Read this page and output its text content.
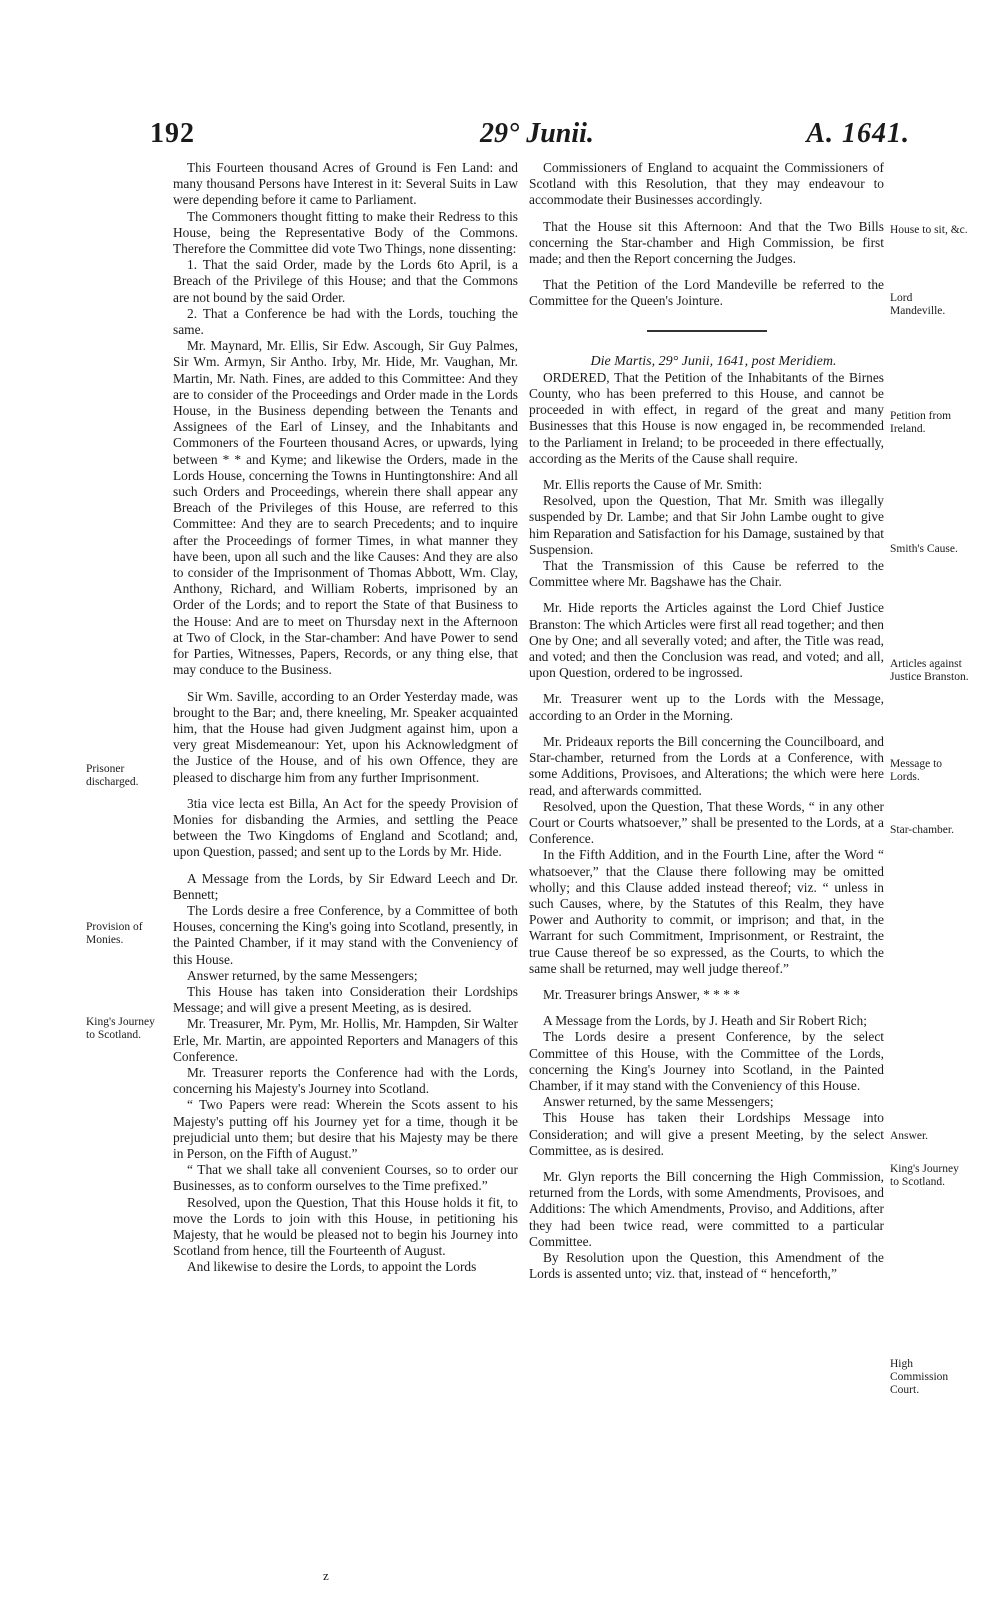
192	29° Junii.	A. 1641.

This Fourteen thousand Acres of Ground is Fen Land: and many thousand Persons have Interest in it: Several Suits in Law were depending before it came to Parliament.

The Commoners thought fitting to make their Redress to this House, being the Representative Body of the Commons. Therefore the Committee did vote Two Things, none dissenting:

1. That the said Order, made by the Lords 6to April, is a Breach of the Privilege of this House; and that the Commons are not bound by the said Order.

2. That a Conference be had with the Lords, touching the same.

Mr. Maynard, Mr. Ellis, Sir Edw. Ascough, Sir Guy Palmes, Sir Wm. Armyn, Sir Antho. Irby, Mr. Hide, Mr. Vaughan, Mr. Martin, Mr. Nath. Fines, are added to this Committee: And they are to consider of the Proceedings and Order made in the Lords House, in the Business depending between the Tenants and Assignees of the Earl of Linsey, and the Inhabitants and Commoners of the Fourteen thousand Acres, or upwards, lying between * * and Kyme; and likewise the Orders, made in the Lords House, concerning the Towns in Huntingtonshire: And all such Orders and Proceedings, wherein there shall appear any Breach of the Privileges of this House, are referred to this Committee: And they are to search Precedents; and to inquire after the Proceedings of former Times, in what manner they have been, upon all such and the like Causes: And they are also to consider of the Imprisonment of Thomas Abbott, Wm. Clay, Anthony, Richard, and William Roberts, imprisoned by an Order of the Lords; and to report the State of that Business to the House: And are to meet on Thursday next in the Afternoon at Two of Clock, in the Star-chamber: And have Power to send for Parties, Witnesses, Papers, Records, or any thing else, that may conduce to the Business.

Sir Wm. Saville, according to an Order Yesterday made, was brought to the Bar; and, there kneeling, Mr. Speaker acquainted him, that the House had given Judgment against him, upon a very great Misdemeanour: Yet, upon his Acknowledgment of the Justice of the House, and of his own Offence, they are pleased to discharge him from any further Imprisonment.

3tia vice lecta est Billa, An Act for the speedy Provision of Monies for disbanding the Armies, and settling the Peace between the Two Kingdoms of England and Scotland; and, upon Question, passed; and sent up to the Lords by Mr. Hide.

A Message from the Lords, by Sir Edward Leech and Dr. Bennett;

The Lords desire a free Conference, by a Committee of both Houses, concerning the King's going into Scotland, presently, in the Painted Chamber, if it may stand with the Conveniency of this House.

Answer returned, by the same Messengers;

This House has taken into Consideration their Lordships Message; and will give a present Meeting, as is desired.

Mr. Treasurer, Mr. Pym, Mr. Hollis, Mr. Hampden, Sir Walter Erle, Mr. Martin, are appointed Reporters and Managers of this Conference.

Mr. Treasurer reports the Conference had with the Lords, concerning his Majesty's Journey into Scotland.

“ Two Papers were read: Wherein the Scots assent to his Majesty's putting off his Journey yet for a time, though it be prejudicial unto them; but desire that his Majesty may be there in Person, on the Fifth of August.”

“ That we shall take all convenient Courses, so to order our Businesses, as to conform ourselves to the Time prefixed.”

Resolved, upon the Question, That this House holds it fit, to move the Lords to join with this House, in petitioning his Majesty, that he would be pleased not to begin his Journey into Scotland from hence, till the Fourteenth of August.

And likewise to desire the Lords, to appoint the Lords

Commissioners of England to acquaint the Commissioners of Scotland with this Resolution, that they may endeavour to accommodate their Businesses accordingly.

That the House sit this Afternoon: And that the Two Bills concerning the Star-chamber and High Commission, be first made; and then the Report concerning the Judges.

That the Petition of the Lord Mandeville be referred to the Committee for the Queen's Jointure.

Die Martis, 29° Junii, 1641, post Meridiem.

ORDERED, That the Petition of the Inhabitants of the Birnes County, who has been preferred to this House, and cannot be proceeded in with effect, in regard of the great and many Businesses that this House is now engaged in, be recommended to the Parliament in Ireland; to be proceeded in there effectually, according as the Merits of the Cause shall require.

Mr. Ellis reports the Cause of Mr. Smith:

Resolved, upon the Question, That Mr. Smith was illegally suspended by Dr. Lambe; and that Sir John Lambe ought to give him Reparation and Satisfaction for his Damage, sustained by that Suspension.

That the Transmission of this Cause be referred to the Committee where Mr. Bagshawe has the Chair.

Mr. Hide reports the Articles against the Lord Chief Justice Branston: The which Articles were first all read together; and then One by One; and all severally voted; and after, the Title was read, and voted; and then the Conclusion was read, and voted; and all, upon Question, ordered to be ingrossed.

Mr. Treasurer went up to the Lords with the Message, according to an Order in the Morning.

Mr. Prideaux reports the Bill concerning the Councilboard, and Star-chamber, returned from the Lords at a Conference, with some Additions, Provisoes, and Alterations; the which were here read, and afterwards committed.

Resolved, upon the Question, That these Words, “ in any other Court or Courts whatsoever,” shall be presented to the Lords, at a Conference.

In the Fifth Addition, and in the Fourth Line, after the Word “ whatsoever,” that the Clause there following may be omitted wholly; and this Clause added instead thereof; viz. “ unless in such Causes, where, by the Statutes of this Realm, they have Power and Authority to commit, or imprison; and that, in the Warrant for such Commitment, Imprisonment, or Restraint, the true Cause thereof be so expressed, as the Courts, to which the same shall be returned, may well judge thereof.”

Mr. Treasurer brings Answer, * * * *

A Message from the Lords, by J. Heath and Sir Robert Rich;

The Lords desire a present Conference, by the select Committee of this House, with the Committee of the Lords, concerning the King's Journey into Scotland, in the Painted Chamber, if it may stand with the Conveniency of this House.

Answer returned, by the same Messengers;

This House has taken their Lordships Message into Consideration; and will give a present Meeting, by the select Committee, as is desired.

Mr. Glyn reports the Bill concerning the High Commission, returned from the Lords, with some Amendments, Provisoes, and Additions: The which Amendments, Proviso, and Additions, after they had been twice read, were committed to a particular Committee.

By Resolution upon the Question, this Amendment of the Lords is assented unto; viz. that, instead of “ henceforth,”

Prisoner discharged.
Provision of Monies.
King's Journey to Scotland.
House to sit, &c.
Lord Mandeville.
Petition from Ireland.
Smith's Cause.
Articles against Justice Branston.
Message to Lords.
Star-chamber.
Answer.
King's Journey to Scotland.
High Commission Court.
z
